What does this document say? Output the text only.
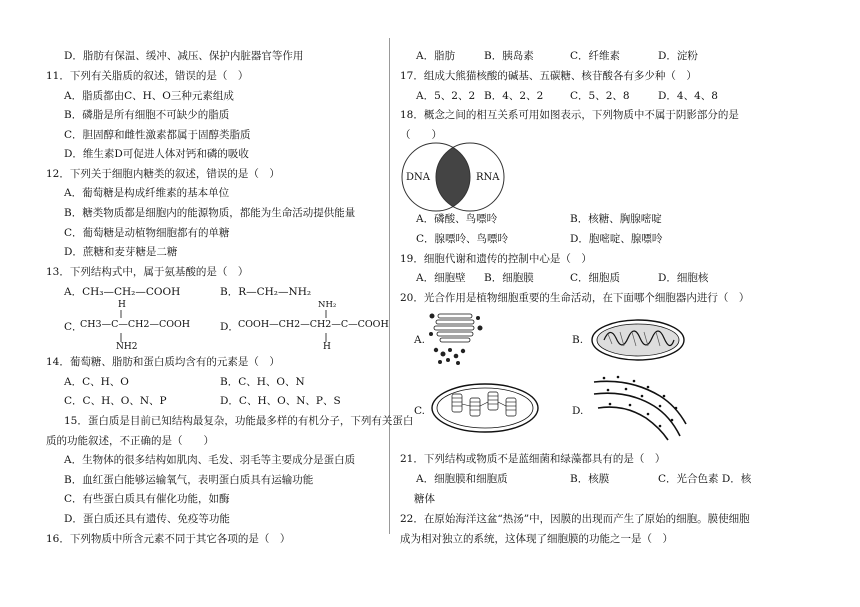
D．脂肪有保温、缓冲、减压、保护内脏器官等作用
11．下列有关脂质的叙述，错误的是（　）
A．脂质都由C、H、O三种元素组成
B．磷脂是所有细胞不可缺少的脂质
C．胆固醇和雌性激素都属于固醇类脂质
D．维生素D可促进人体对钙和磷的吸收
12．下列关于细胞内糖类的叙述，错误的是（　）
A．葡萄糖是构成纤维素的基本单位
B．糖类物质都是细胞内的能源物质，都能为生命活动提供能量
C．葡萄糖是动植物细胞都有的单糖
D．蔗糖和麦芽糖是二糖
13．下列结构式中，属于氨基酸的是（　）
A．CH₃—CH₂—COOH	B．R—CH₂—NH₂
C．
CH3—C—CH2—COOH
H
NH2
D． COOH—CH2—CH2—C—COOH
NH₂
H
14．葡萄糖、脂肪和蛋白质均含有的元素是（　）
A．C、H、O	B．C、H、O、N
C．C、H、O、N、P	D．C、H、O、N、P、S
15．蛋白质是目前已知结构最复杂，功能最多样的有机分子，下列有关蛋白
质的功能叙述，不正确的是（　　）
A．生物体的很多结构如肌肉、毛发、羽毛等主要成分是蛋白质
B．血红蛋白能够运输氧气，表明蛋白质具有运输功能
C．有些蛋白质具有催化功能，如酶
D．蛋白质还具有遗传、免疫等功能
16．下列物质中所含元素不同于其它各项的是（　）
A．脂肪	B．胰岛素	C．纤维素	D．淀粉
17．组成大熊猫核酸的碱基、五碳糖、核苷酸各有多少种（　）
A．5、2、2 B．4、2、2	C．5、2、8	D．4、4、8
18．概念之间的相互关系可用如图表示，下列物质中不属于阴影部分的是
（　　）
DNA	RNA
A．磷酸、鸟嘌呤	B．核糖、胸腺嘧啶
C．腺嘌呤、鸟嘌呤	D．胞嘧啶、腺嘌呤
19．细胞代谢和遗传的控制中心是（　）
A．细胞壁 B．细胞膜	C．细胞质	D．细胞核
20．光合作用是植物细胞重要的生命活动，在下面哪个细胞器内进行（　）
A.	B.
C.	D.
21．下列结构或物质不是蓝细菌和绿藻都具有的是（　）
A．细胞膜和细胞质	B．核膜	C．光合色素 D．核
糖体
22．在原始海洋这盆“热汤”中，因膜的出现而产生了原始的细胞。膜使细胞
成为相对独立的系统，这体现了细胞膜的功能之一是（　）
